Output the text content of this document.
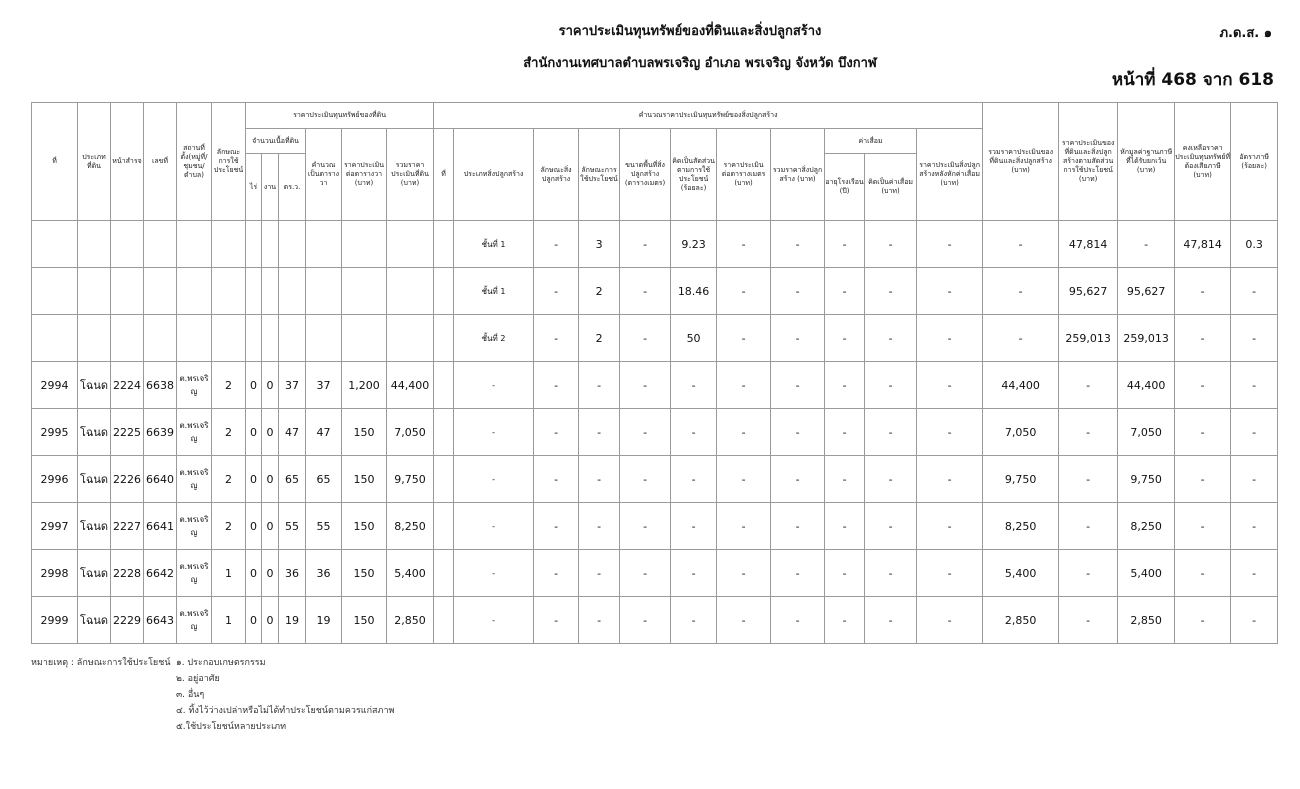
ราคาประเมินทุนทรัพย์ของที่ดินและสิ่งปลูกสร้าง
สำนักงานเทศบาลตำบลพรเจริญ อำเภอ พรเจริญ จังหวัด บึงกาฬ
ภ.ด.ส. ๑
หน้าที่ 468 จาก 618
ที่	ประเภทที่ดิน	หน้าสำรจ	เลขที่	สถานที่ตั้ง(หมู่ที่/ชุมชน/ตำบล)	ลักษณะการใช้ประโยชน์	ราคาประเมินทุนทรัพย์ของที่ดิน						คำนวณราคาประเมินทุนทรัพย์ของสิ่งปลูกสร้าง											รวมราคาประเมินของที่ดินและสิ่งปลูกสร้าง (บาท)	ราคาประเมินของที่ดินและสิ่งปลูกสร้างตามสัดส่วนการใช้ประโยชน์ (บาท)	หักมูลค่าฐานภาษีที่ได้รับยกเว้น (บาท)	คงเหลือราคาประเมินทุนทรัพย์ที่ต้องเสียภาษี (บาท)	อัตราภาษี (ร้อยละ)
						จำนวนเนื้อที่ดิน			คำนวณเป็นตารางวา	ราคาประเมินต่อตารางวา (บาท)	รวมราคาประเมินที่ดิน (บาท)	ที่	ประเภทสิ่งปลูกสร้าง	ลักษณะสิ่งปลูกสร้าง	ลักษณะการใช้ประโยชน์	ขนาดพื้นที่สิ่งปลูกสร้าง (ตารางเมตร)	คิดเป็นสัดส่วนตามการใช้ประโยชน์ (ร้อยละ)	ราคาประเมินต่อตารางเมตร (บาท)	รวมราคาสิ่งปลูกสร้าง (บาท)	ค่าเสื่อม		ราคาประเมินสิ่งปลูกสร้างหลังหักค่าเสื่อม (บาท)					
						ไร่	งาน	ตร.ว.												อายุโรงเรือน (ปี)	คิดเป็นค่าเสื่อม (บาท)						
													ชั้นที่ 1	-	3	-	9.23	-	-	-	-	-	-	47,814	-	47,814	0.3
													ชั้นที่ 1	-	2	-	18.46	-	-	-	-	-	-	95,627	95,627	-	-
													ชั้นที่ 2	-	2	-	50	-	-	-	-	-	-	259,013	259,013	-	-
2994	โฉนด	2224	6638	ต.พรเจริญ	2	0	0	37	37	1,200	44,400		-	-	-	-	-	-	-	-	-	-	44,400	-	44,400	-	-
2995	โฉนด	2225	6639	ต.พรเจริญ	2	0	0	47	47	150	7,050		-	-	-	-	-	-	-	-	-	-	7,050	-	7,050	-	-
2996	โฉนด	2226	6640	ต.พรเจริญ	2	0	0	65	65	150	9,750		-	-	-	-	-	-	-	-	-	-	9,750	-	9,750	-	-
2997	โฉนด	2227	6641	ต.พรเจริญ	2	0	0	55	55	150	8,250		-	-	-	-	-	-	-	-	-	-	8,250	-	8,250	-	-
2998	โฉนด	2228	6642	ต.พรเจริญ	1	0	0	36	36	150	5,400		-	-	-	-	-	-	-	-	-	-	5,400	-	5,400	-	-
2999	โฉนด	2229	6643	ต.พรเจริญ	1	0	0	19	19	150	2,850		-	-	-	-	-	-	-	-	-	-	2,850	-	2,850	-	-
หมายเหตุ : ลักษณะการใช้ประโยชน์ ๑. ประกอบเกษตรกรรม
๒. อยู่อาศัย
๓. อื่นๆ
๔. ทิ้งไว้ว่างเปล่าหรือไม่ได้ทำประโยชน์ตามควรแก่สภาพ
๕.ใช้ประโยชน์หลายประเภท
